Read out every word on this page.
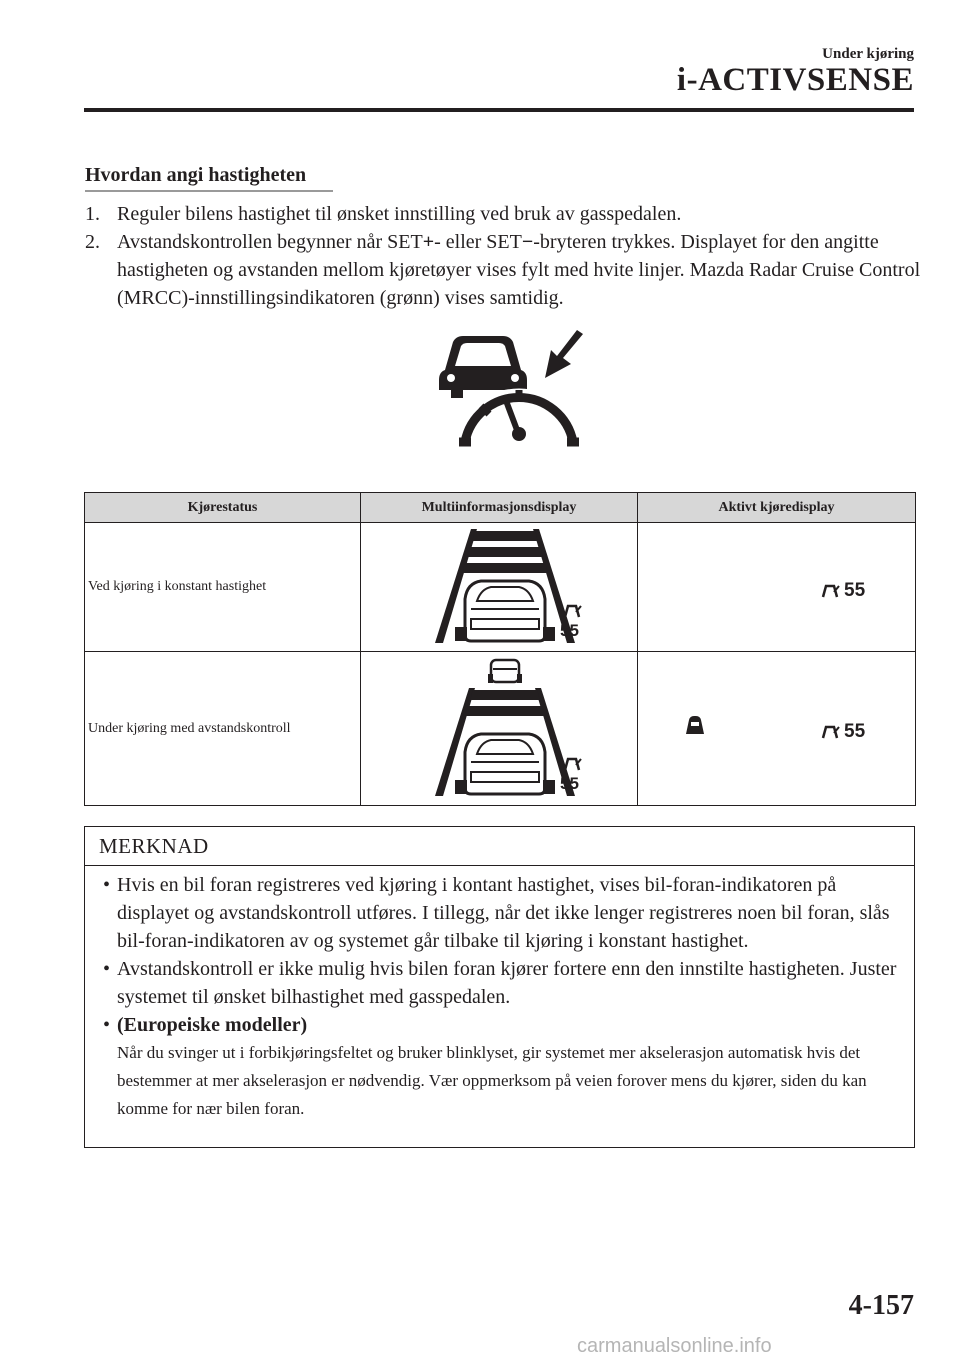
Under kjøring
i-ACTIVSENSE
Hvordan angi hastigheten
1. Reguler bilens hastighet til ønsket innstilling ved bruk av gasspedalen.
2. Avstandskontrollen begynner når SET+- eller SET−-bryteren trykkes. Displayet for den angitte hastigheten og avstanden mellom kjøretøyer vises fylt med hvite linjer. Mazda Radar Cruise Control (MRCC)-innstillingsindikatoren (grønn) vises samtidig.
Kjørestatus	Multiinformasjonsdisplay	Aktivt kjøredisplay
Ved kjøring i konstant hastighet	55	55

Under kjøring med avstandskontroll	55	55
MERKNAD
• Hvis en bil foran registreres ved kjøring i kontant hastighet, vises bil-foran-indikatoren på displayet og avstandskontroll utføres. I tillegg, når det ikke lenger registreres noen bil foran, slås bil-foran-indikatoren av og systemet går tilbake til kjøring i konstant hastighet.
• Avstandskontroll er ikke mulig hvis bilen foran kjører fortere enn den innstilte hastigheten. Juster systemet til ønsket bilhastighet med gasspedalen.
• (Europeiske modeller)
Når du svinger ut i forbikjøringsfeltet og bruker blinklyset, gir systemet mer akselerasjon automatisk hvis det bestemmer at mer akselerasjon er nødvendig. Vær oppmerksom på veien forover mens du kjører, siden du kan komme for nær bilen foran.
4-157
carmanualsonline.info
